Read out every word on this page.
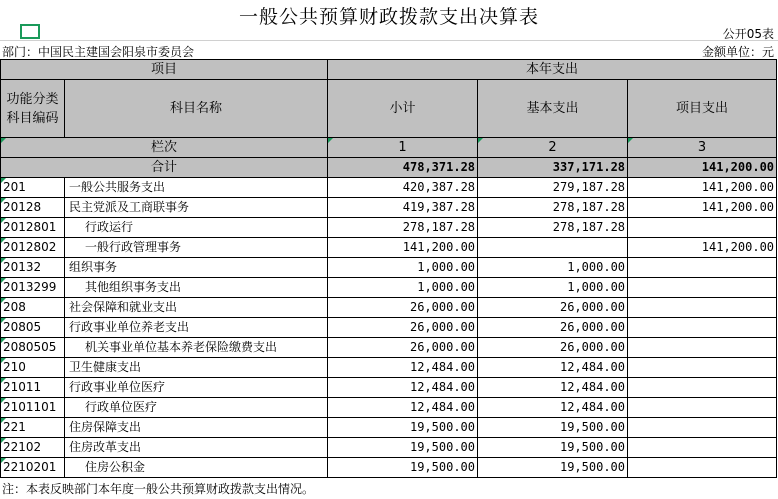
一般公共预算财政拨款支出决算表
公开05表
部门：中国民主建国会阳泉市委员会	金额单位：元
项目		本年支出		
功能分类科目编码	科目名称	小计	基本支出	项目支出

栏次		1	2	3
合计		478,371.28	337,171.28	141,200.00

201	一般公共服务支出	420,387.28	279,187.28	141,200.00

20128	民主党派及工商联事务	419,387.28	278,187.28	141,200.00

2012801	行政运行	278,187.28	278,187.28	

2012802	一般行政管理事务	141,200.00		141,200.00

20132	组织事务	1,000.00	1,000.00	

2013299	其他组织事务支出	1,000.00	1,000.00	

208	社会保障和就业支出	26,000.00	26,000.00	

20805	行政事业单位养老支出	26,000.00	26,000.00	

2080505	机关事业单位基本养老保险缴费支出	26,000.00	26,000.00	

210	卫生健康支出	12,484.00	12,484.00	

21011	行政事业单位医疗	12,484.00	12,484.00	

2101101	行政单位医疗	12,484.00	12,484.00	

221	住房保障支出	19,500.00	19,500.00	

22102	住房改革支出	19,500.00	19,500.00	

2210201	住房公积金	19,500.00	19,500.00	
注：本表反映部门本年度一般公共预算财政拨款支出情况。
